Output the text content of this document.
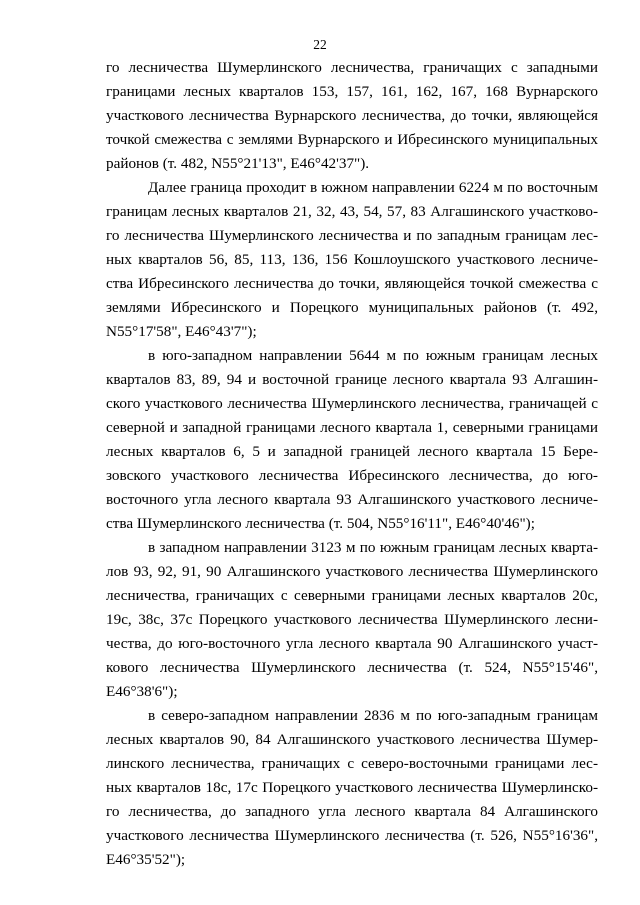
22

го лесничества Шумерлинского лесничества, граничащих с западными границами лесных кварталов 153, 157, 161, 162, 167, 168 Вурнарского участкового лесничества Вурнарского лесничества, до точки, являющейся точкой смежества с землями Вурнарского и Ибресинского муниципальных районов (т. 482, N55°21'13", E46°42'37").

Далее граница проходит в южном направлении 6224 м по восточным границам лесных кварталов 21, 32, 43, 54, 57, 83 Алгашинского участкового лесничества Шумерлинского лесничества и по западным границам лесных кварталов 56, 85, 113, 136, 156 Кошлоушского участкового лесничества Ибресинского лесничества до точки, являющейся точкой смежества с землями Ибресинского и Порецкого муниципальных районов (т. 492, N55°17'58", E46°43'7");

в юго-западном направлении 5644 м по южным границам лесных кварталов 83, 89, 94 и восточной границе лесного квартала 93 Алгашинского участкового лесничества Шумерлинского лесничества, граничащей с северной и западной границами лесного квартала 1, северными границами лесных кварталов 6, 5 и западной границей лесного квартала 15 Березовского участкового лесничества Ибресинского лесничества, до юго-восточного угла лесного квартала 93 Алгашинского участкового лесничества Шумерлинского лесничества (т. 504, N55°16'11", E46°40'46");

в западном направлении 3123 м по южным границам лесных кварталов 93, 92, 91, 90 Алгашинского участкового лесничества Шумерлинского лесничества, граничащих с северными границами лесных кварталов 20с, 19с, 38с, 37с Порецкого участкового лесничества Шумерлинского лесничества, до юго-восточного угла лесного квартала 90 Алгашинского участкового лесничества Шумерлинского лесничества (т. 524, N55°15'46", E46°38'6");

в северо-западном направлении 2836 м по юго-западным границам лесных кварталов 90, 84 Алгашинского участкового лесничества Шумерлинского лесничества, граничащих с северо-восточными границами лесных кварталов 18с, 17с Порецкого участкового лесничества Шумерлинского лесничества, до западного угла лесного квартала 84 Алгашинского участкового лесничества Шумерлинского лесничества (т. 526, N55°16'36", E46°35'52");
